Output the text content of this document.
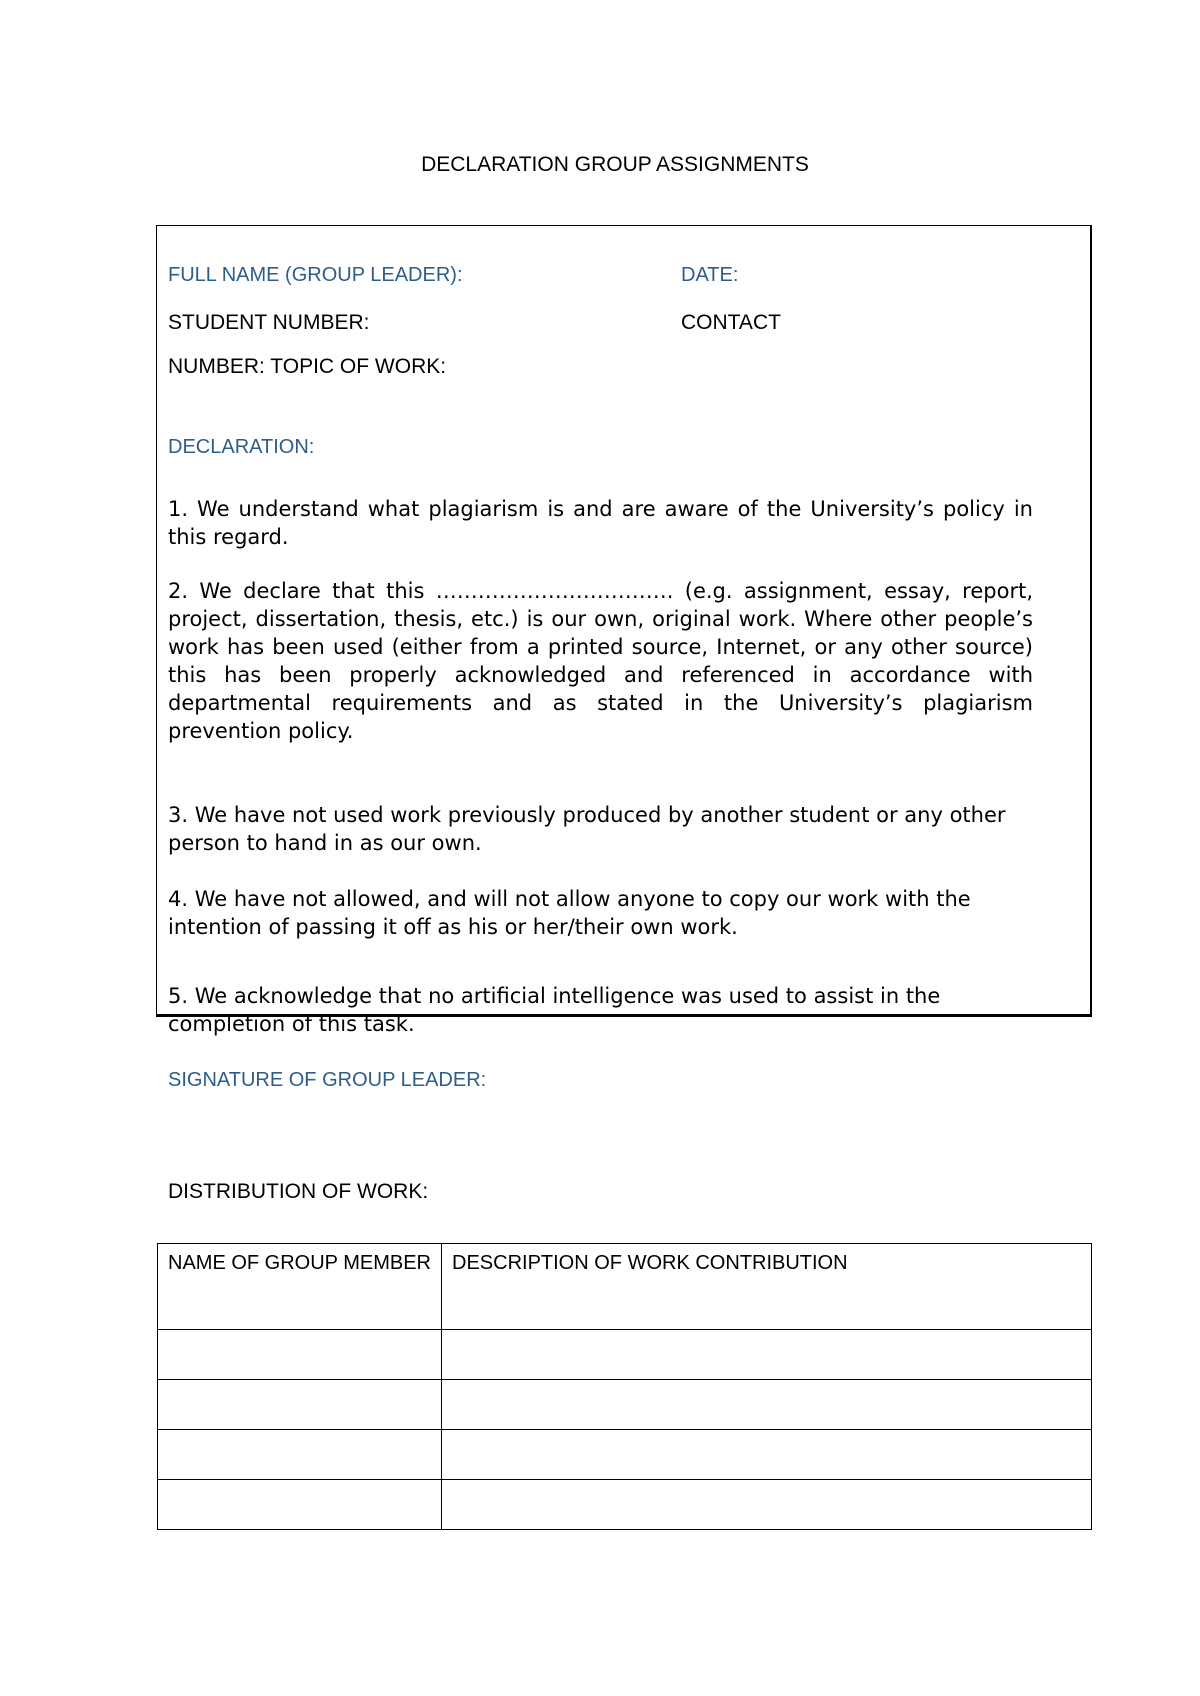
DECLARATION GROUP ASSIGNMENTS
FULL NAME (GROUP LEADER):	DATE:
STUDENT NUMBER:	CONTACT
NUMBER: TOPIC OF WORK:
DECLARATION:

1. We understand what plagiarism is and are aware of the University’s policy in this regard.

2. We declare that this ……………………………. (e.g. assignment, essay, report, project, dissertation, thesis, etc.) is our own, original work. Where other people’s work has been used (either from a printed source, Internet, or any other source) this has been properly acknowledged and referenced in accordance with departmental requirements and as stated in the University’s plagiarism prevention policy.

3. We have not used work previously produced by another student or any other person to hand in as our own.

4. We have not allowed, and will not allow anyone to copy our work with the intention of passing it off as his or her/their own work.

5. We acknowledge that no artificial intelligence was used to assist in the completion of this task.

SIGNATURE OF GROUP LEADER:
DISTRIBUTION OF WORK:
NAME OF GROUP MEMBER	DESCRIPTION OF WORK CONTRIBUTION
